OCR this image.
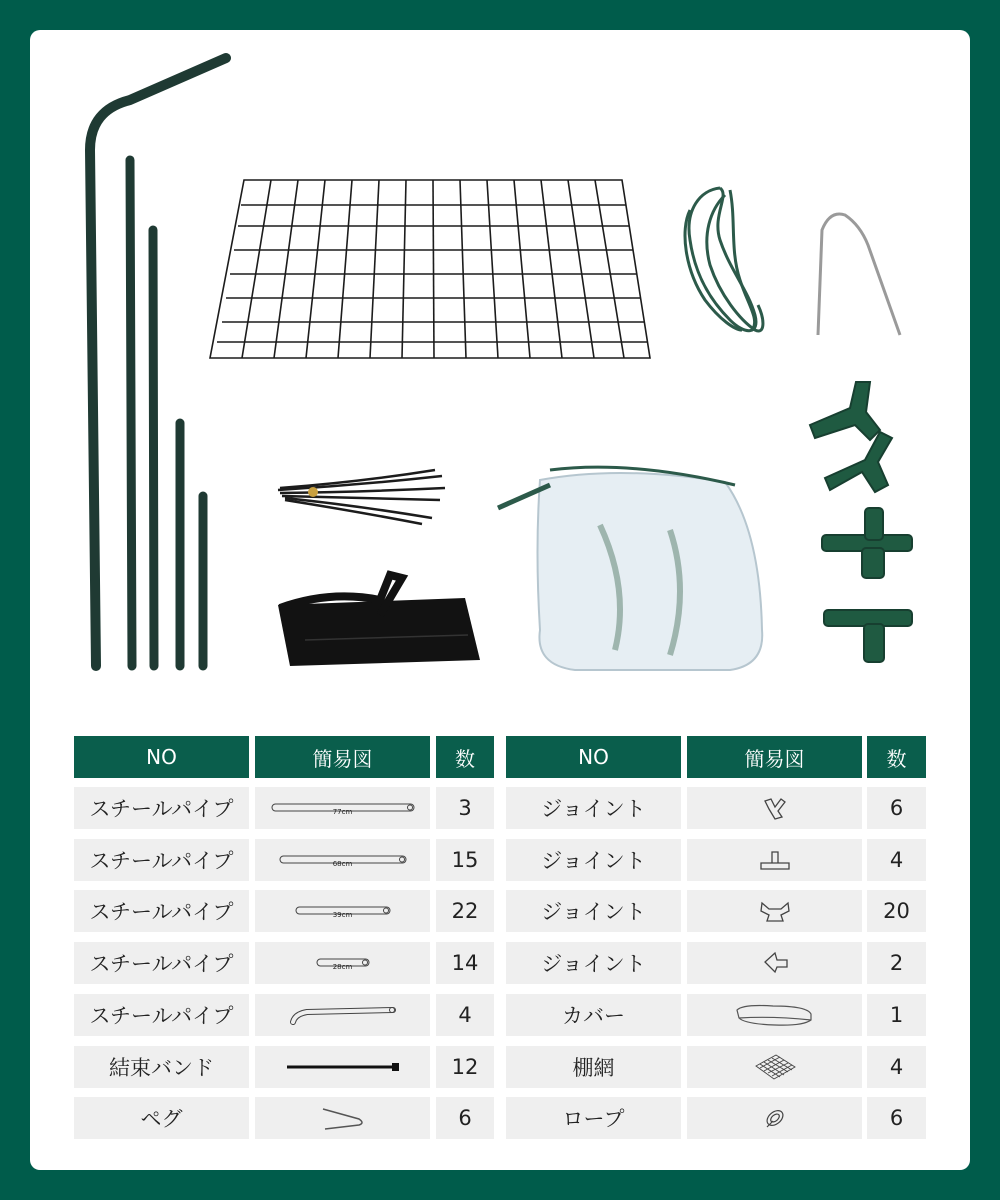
NO	簡易図	数
スチールパイプ	77cm	3
スチールパイプ	68cm	15
スチールパイプ	39cm	22
スチールパイプ	28cm	14
スチールパイプ	4
結束バンド	12
ペグ	6
NO	簡易図	数
ジョイント	6
ジョイント	4
ジョイント	20
ジョイント	2
カバー	1
棚網	4
ロープ	6
